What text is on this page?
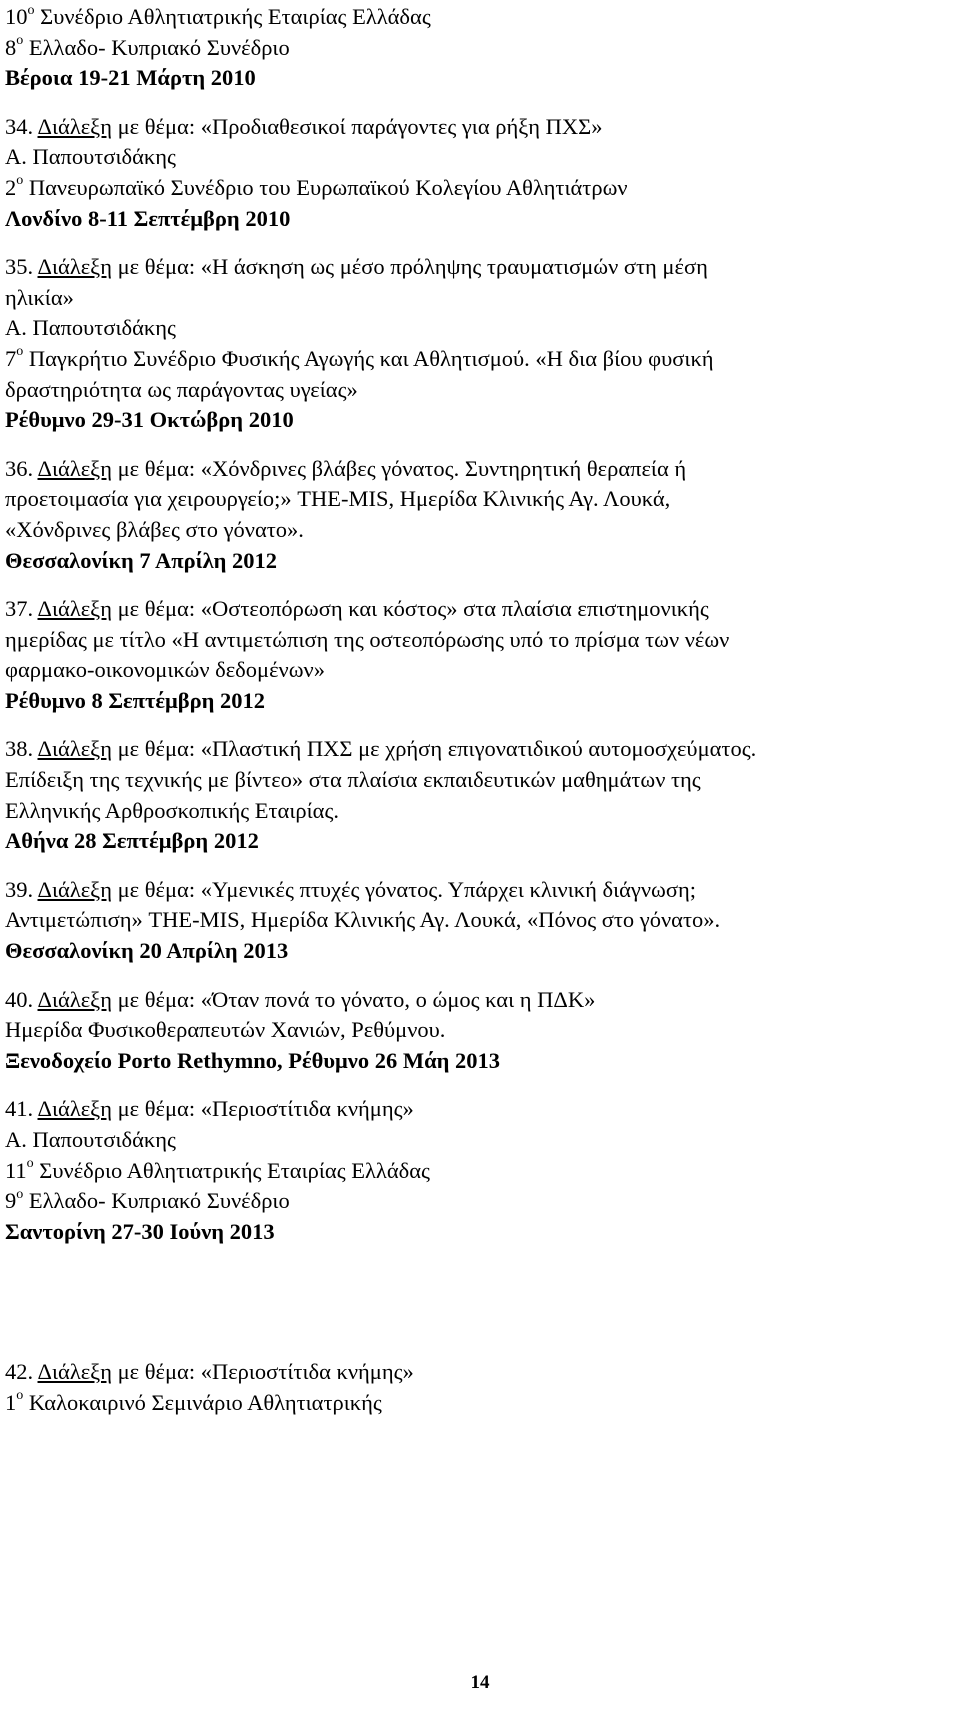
$10^o$ Συνέδριο Αθλητιατρικής Εταιρίας Ελλάδας
$8^o$ Ελλαδο- Κυπριακό Συνέδριο
Βέροια 19-21 Μάρτη 2010
34. Διάλεξη με θέμα: «Προδιαθεσικοί παράγοντες για ρήξη ΠΧΣ»
Α. Παπουτσιδάκης
$2^o$ Πανευρωπαϊκό Συνέδριο του Ευρωπαϊκού Κολεγίου Αθλητιάτρων
Λονδίνο 8-11 Σεπτέμβρη 2010
35. Διάλεξη με θέμα: «Η άσκηση ως μέσο πρόληψης τραυματισμών στη μέση
ηλικία»
Α. Παπουτσιδάκης
$7^o$ Παγκρήτιο Συνέδριο Φυσικής Αγωγής και Αθλητισμού. «Η δια βίου φυσική
δραστηριότητα ως παράγοντας υγείας»
Ρέθυμνο 29-31 Οκτώβρη 2010
36. Διάλεξη με θέμα: «Χόνδρινες βλάβες γόνατος. Συντηρητική θεραπεία ή
προετοιμασία για χειρουργείο;» THE-MIS, Ημερίδα Κλινικής Αγ. Λουκά,
«Χόνδρινες βλάβες στο γόνατο».
Θεσσαλονίκη 7 Απρίλη 2012
37. Διάλεξη με θέμα: «Οστεοπόρωση και κόστος» στα πλαίσια επιστημονικής
ημερίδας με τίτλο «Η αντιμετώπιση της οστεοπόρωσης υπό το πρίσμα των νέων
φαρμακο-οικονομικών δεδομένων»
Ρέθυμνο 8 Σεπτέμβρη 2012
38. Διάλεξη με θέμα: «Πλαστική ΠΧΣ με χρήση επιγονατιδικού αυτομοσχεύματος.
Επίδειξη της τεχνικής με βίντεο» στα πλαίσια εκπαιδευτικών μαθημάτων της
Ελληνικής Αρθροσκοπικής Εταιρίας.
Αθήνα 28 Σεπτέμβρη 2012
39. Διάλεξη με θέμα: «Υμενικές πτυχές γόνατος. Υπάρχει κλινική διάγνωση;
Αντιμετώπιση» THE-MIS, Ημερίδα Κλινικής Αγ. Λουκά, «Πόνος στο γόνατο».
Θεσσαλονίκη 20 Απρίλη 2013
40. Διάλεξη με θέμα: «Όταν πονά το γόνατο, ο ώμος και η ΠΔΚ»
Ημερίδα Φυσικοθεραπευτών Χανιών, Ρεθύμνου.
Ξενοδοχείο Porto Rethymno, Ρέθυμνο 26 Μάη 2013
41. Διάλεξη με θέμα: «Περιοστίτιδα κνήμης»
Α. Παπουτσιδάκης
$11^o$ Συνέδριο Αθλητιατρικής Εταιρίας Ελλάδας
$9^o$ Ελλαδο- Κυπριακό Συνέδριο
Σαντορίνη 27-30 Ιούνη 2013
42. Διάλεξη με θέμα: «Περιοστίτιδα κνήμης»
$1^o$ Καλοκαιρινό Σεμινάριο Αθλητιατρικής
14
